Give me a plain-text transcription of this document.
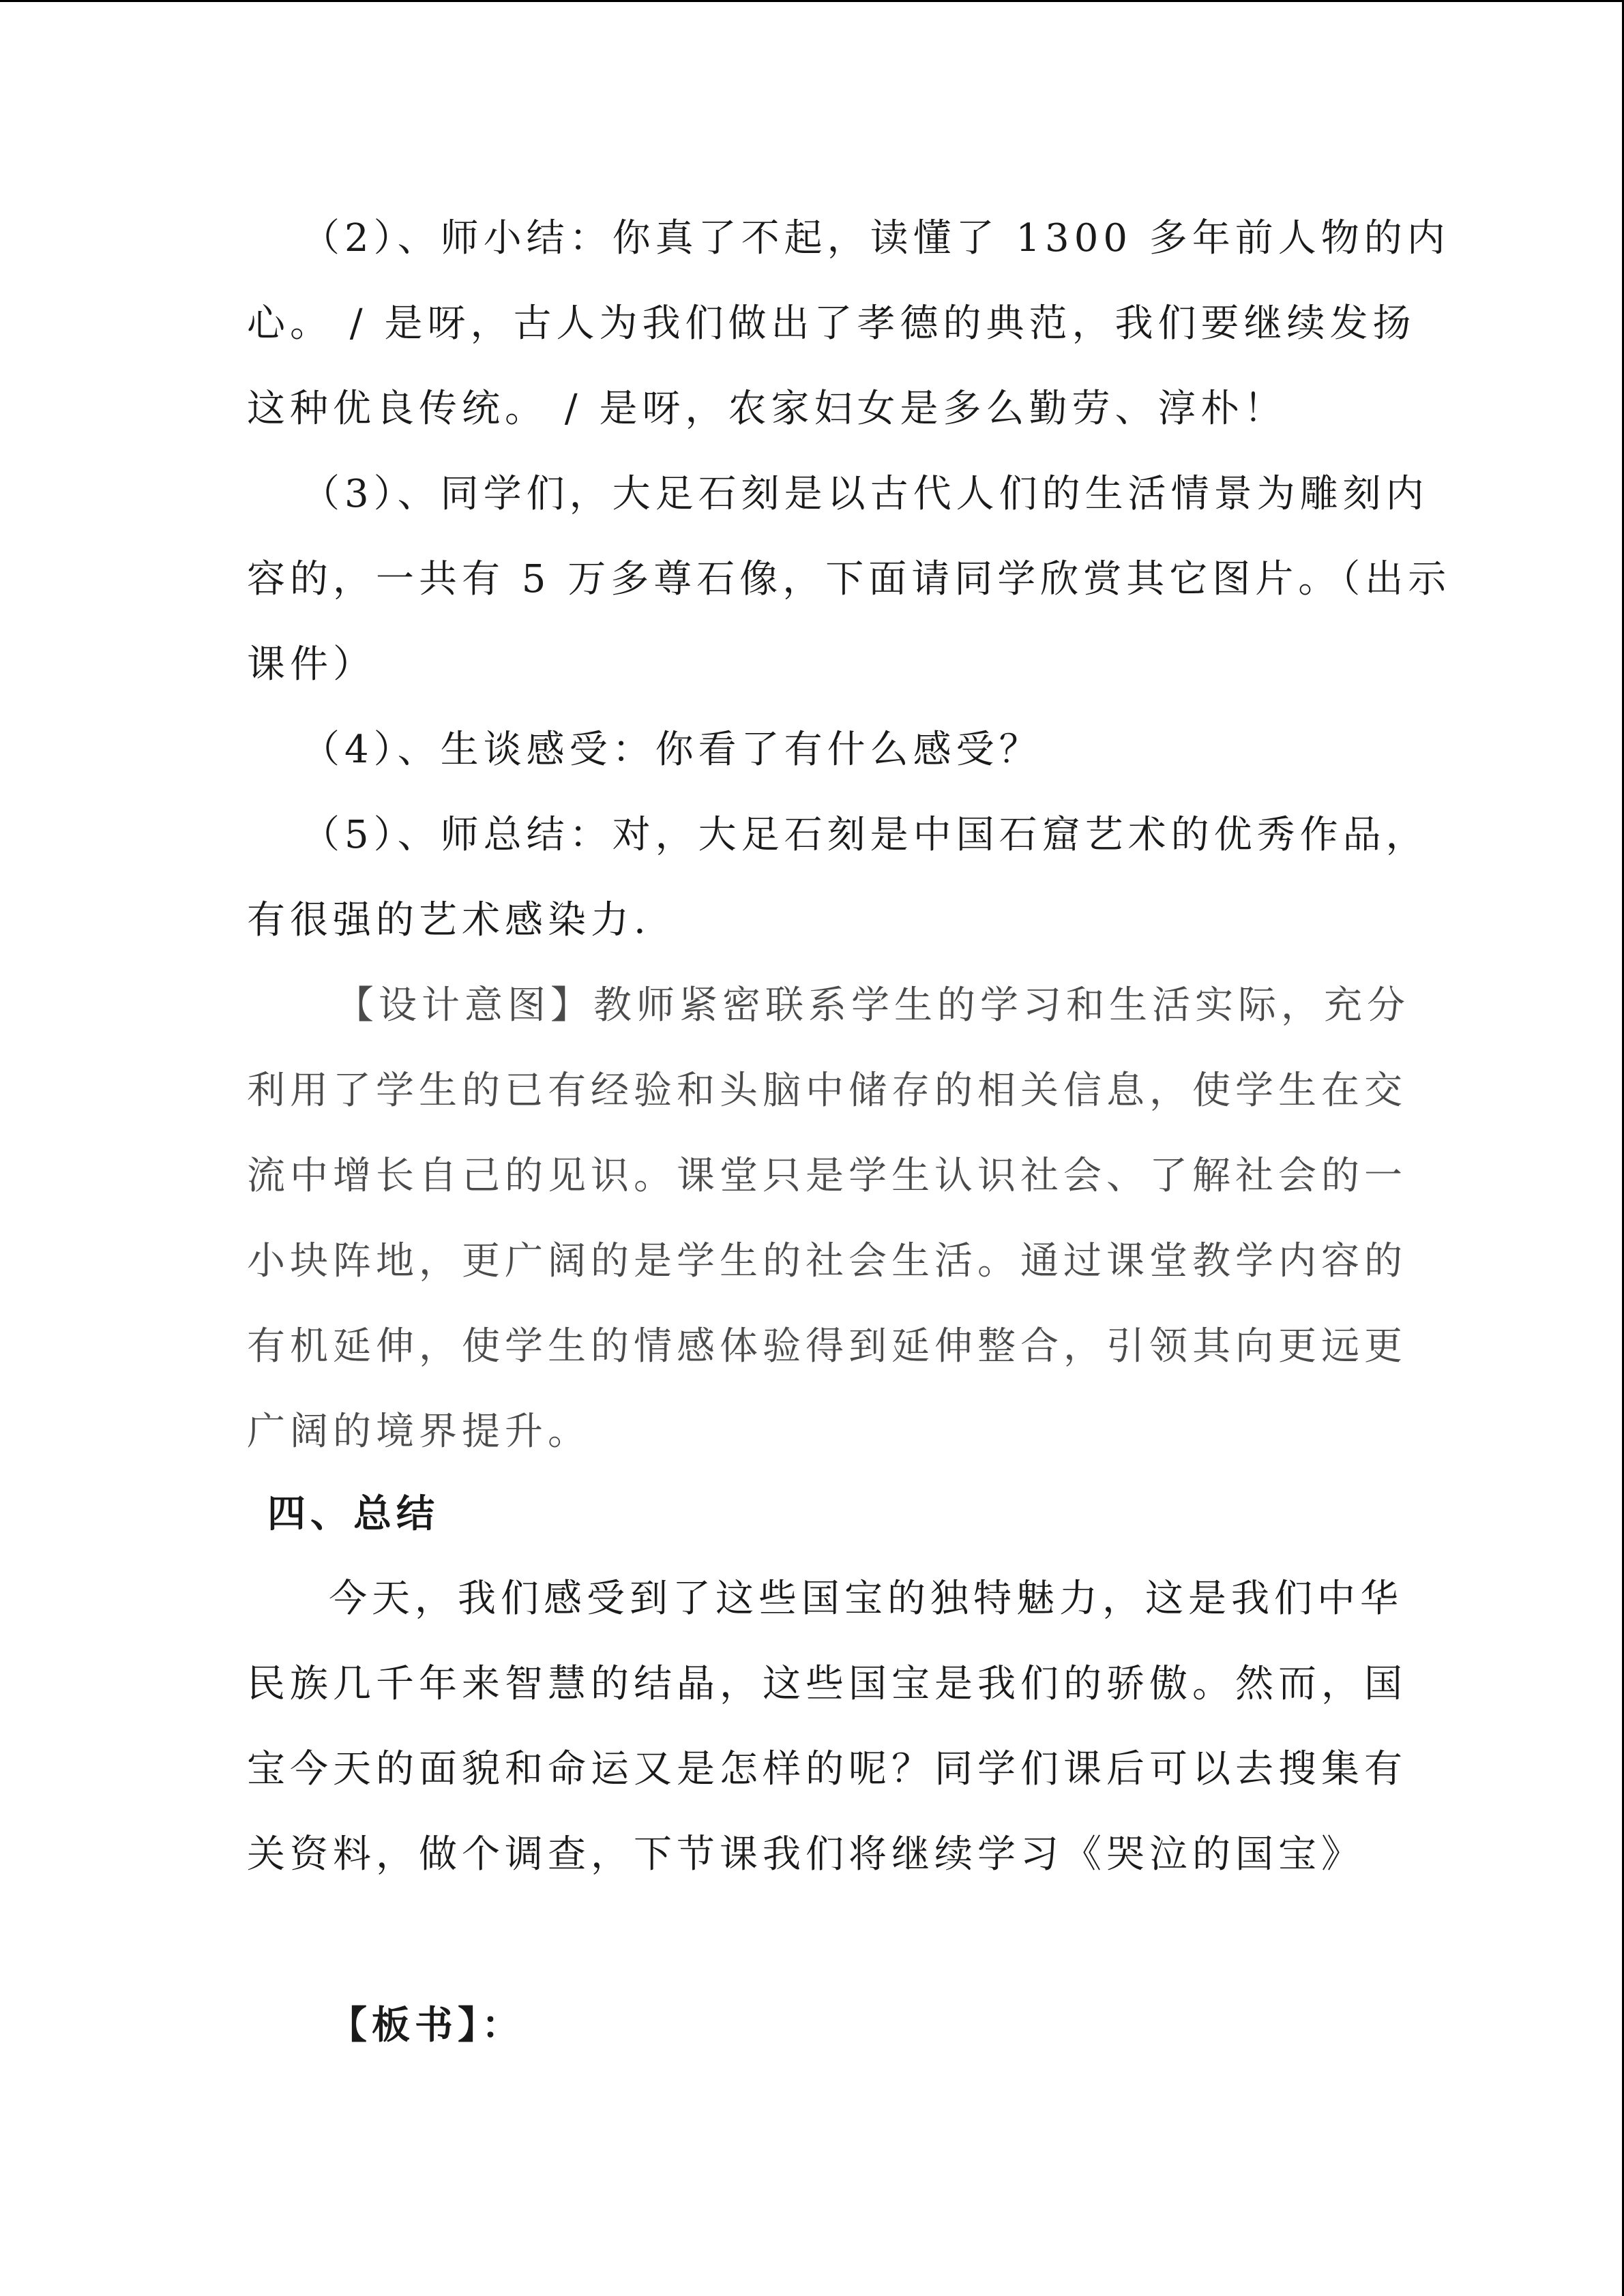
（2）、师小结：你真了不起，读懂了 1300 多年前人物的内
心。 / 是呀，古人为我们做出了孝德的典范，我们要继续发扬
这种优良传统。 / 是呀，农家妇女是多么勤劳、淳朴！
（3）、同学们，大足石刻是以古代人们的生活情景为雕刻内
容的，一共有 5 万多尊石像，下面请同学欣赏其它图片。（出示
课件）
（4）、生谈感受：你看了有什么感受？
（5）、师总结：对，大足石刻是中国石窟艺术的优秀作品，
有很强的艺术感染力.
【设计意图】教师紧密联系学生的学习和生活实际，充分
利用了学生的已有经验和头脑中储存的相关信息，使学生在交
流中增长自己的见识。课堂只是学生认识社会、了解社会的一
小块阵地，更广阔的是学生的社会生活。通过课堂教学内容的
有机延伸，使学生的情感体验得到延伸整合，引领其向更远更
广阔的境界提升。
四、总结
今天，我们感受到了这些国宝的独特魅力，这是我们中华
民族几千年来智慧的结晶，这些国宝是我们的骄傲。然而，国
宝今天的面貌和命运又是怎样的呢？同学们课后可以去搜集有
关资料，做个调查，下节课我们将继续学习《哭泣的国宝》
【板书】：
